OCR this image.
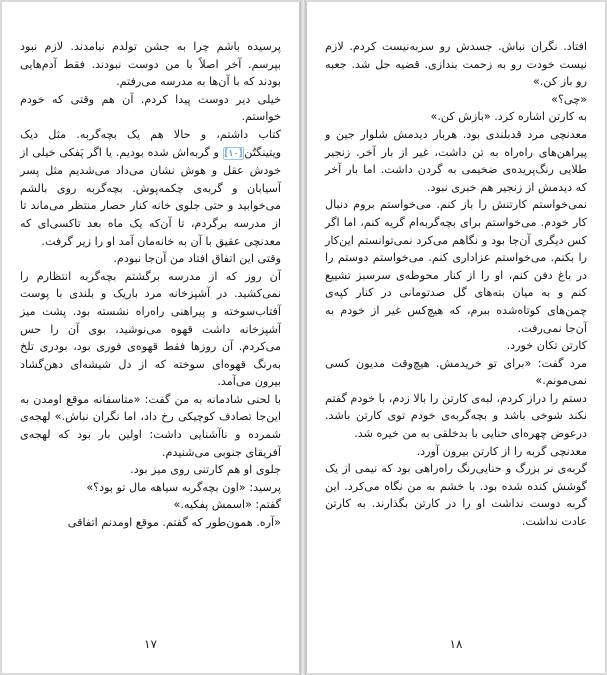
پرسیده باشم چرا به جشن تولدم نیامدند. لازم نبود بپرسم. آخر اصلاً با من دوست نبودند. فقط آدم‌هایی بودند که با آن‌ها به مدرسه می‌رفتم.

خیلی دیر دوست پیدا کردم. آن هم وقتی که خودم خواستم.

کتاب داشتم، و حالا هم یک بچه‌گربه. مثل دیک ویتینگتُن[۱۰] و گربه‌اش شده بودیم. یا اگر پَفکی خیلی از خودش عقل و هوش نشان می‌داد می‌شدیم مثل پسر آسیابان و گربه‌ی چکمه‌پوش. بچه‌گربه روی بالشم می‌خوابید و حتی جلوی خانه کنار حصار منتظر می‌ماند تا از مدرسه برگردم، تا آن‌که یک ماه بعد تاکسی‌ای که معدنچی عقیق با آن به خانه‌مان آمد او را زیر گرفت.

وقتی این اتفاق افتاد من آن‌جا نبودم.

آن روز که از مدرسه برگشتم بچه‌گربه انتظارم را نمی‌کشید. در آشپزخانه مرد باریک و بلندی با پوست آفتاب‌سوخته و پیراهنی راه‌راه نشسته بود. پشت میز آشپزخانه داشت قهوه می‌نوشید، بوی آن را حس می‌کردم. آن روزها فقط قهوه‌ی فوری بود، بودری تلخ به‌رنگ قهوه‌ای سوخته که از دل شیشه‌ای دهن‌گشاد بیرون می‌آمد.

با لحنی شادمانه به من گفت: «متاسفانه موقع اومدن به این‌جا تصادف کوچیکی رخ داد، اما نگران نباش.» لهجه‌ی شمرده و ناآشنایی داشت: اولین بار بود که لهجه‌ی آفریقای جنوبی می‌شنیدم.

جلوی او هم کارتنی روی میز بود.

پرسید: «اون بچه‌گربه سیاهه مال تو بود؟»

گفتم: «اسمش پفکیه.»

«آره. همون‌طور که گفتم. موقع اومدنم اتفاقی

۱۷

افتاد. نگران نباش. جسدش رو سربه‌نیست کردم. لازم نیست خودت رو به زحمت بندازی. قضیه حل شد. جعبه رو باز کن.»

«چی؟»

به کارتن اشاره کرد. «بازش کن.»

معدنچی مرد قدبلندی بود. هربار دیدمش شلوار جین و پیراهن‌های راه‌راه به تن داشت، غیر از بار آخر. زنجیر طلایی رنگ‌پریده‌ی ضخیمی به گردن داشت. اما بار آخر که دیدمش از زنجیر هم خبری نبود.

نمی‌خواستم کارتنش را باز کنم. می‌خواستم بروم دنبال کار خودم. می‌خواستم برای بچه‌گربه‌ام گریه کنم، اما اگر کس دیگری آن‌جا بود و نگاهم می‌کرد نمی‌توانستم این‌کار را بکنم. می‌خواستم عزاداری کنم. می‌خواستم دوستم را در باغ دفن کنم، او را از کنار محوطه‌ی سرسبز تشییع کنم و به میان بته‌های گل صدتومانی در کنار کپه‌ی چمن‌های کوتاه‌شده ببرم، که هیچ‌کس غیر از خودم به آن‌جا نمی‌رفت.

کارتن تکان خورد.

مرد گفت: «برای تو خریدمش. هیچ‌وقت مدیون کسی نمی‌مونم.»

دستم را دراز کردم، لبه‌ی کارتن را بالا زدم، با خودم گفتم نکند شوخی باشد و بچه‌گربه‌ی خودم توی کارتن باشد. درعوض چهره‌ای حنایی با بدخلقی به من خیره شد.

معدنچی گربه را از کارتن بیرون آورد.

گربه‌ی نر بزرگ و حنایی‌رنگ راه‌راهی بود که نیمی از یک گوشش کنده شده بود. با خشم به من نگاه می‌کرد. این گربه دوست نداشت او را در کارتن بگذارند. به کارتن عادت نداشت.

۱۸
